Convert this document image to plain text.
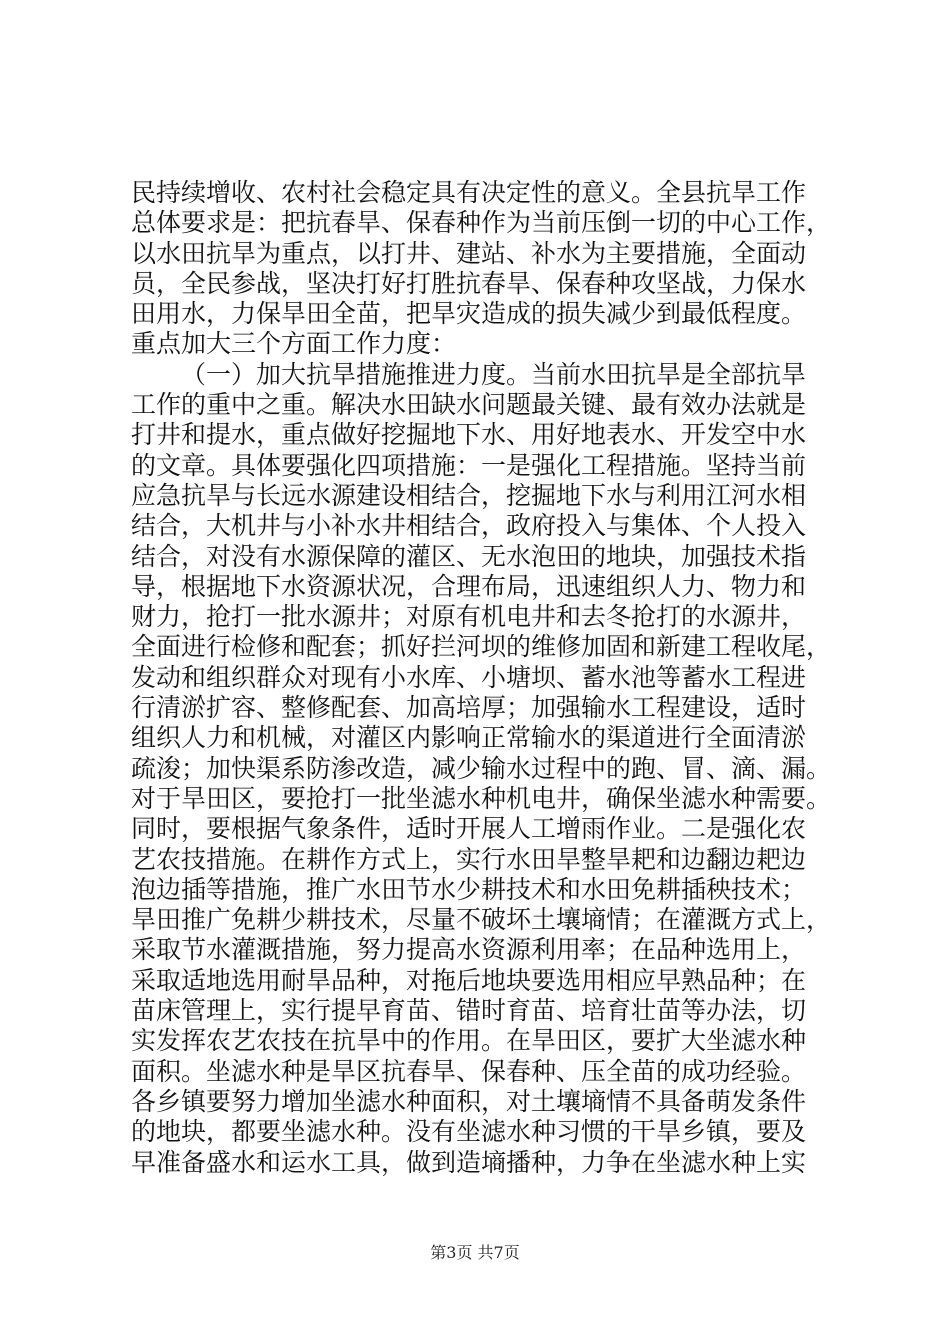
民持续增收、农村社会稳定具有决定性的意义。全县抗旱工作
总体要求是：把抗春旱、保春种作为当前压倒一切的中心工作，
以水田抗旱为重点，以打井、建站、补水为主要措施，全面动
员，全民参战，坚决打好打胜抗春旱、保春种攻坚战，力保水
田用水，力保旱田全苗，把旱灾造成的损失减少到最低程度。
重点加大三个方面工作力度：
（一）加大抗旱措施推进力度。当前水田抗旱是全部抗旱
工作的重中之重。解决水田缺水问题最关键、最有效办法就是
打井和提水，重点做好挖掘地下水、用好地表水、开发空中水
的文章。具体要强化四项措施：一是强化工程措施。坚持当前
应急抗旱与长远水源建设相结合，挖掘地下水与利用江河水相
结合，大机井与小补水井相结合，政府投入与集体、个人投入
结合，对没有水源保障的灌区、无水泡田的地块，加强技术指
导，根据地下水资源状况，合理布局，迅速组织人力、物力和
财力，抢打一批水源井；对原有机电井和去冬抢打的水源井，
全面进行检修和配套；抓好拦河坝的维修加固和新建工程收尾，
发动和组织群众对现有小水库、小塘坝、蓄水池等蓄水工程进
行清淤扩容、整修配套、加高培厚；加强输水工程建设，适时
组织人力和机械，对灌区内影响正常输水的渠道进行全面清淤
疏浚；加快渠系防渗改造，减少输水过程中的跑、冒、滴、漏。
对于旱田区，要抢打一批坐滤水种机电井，确保坐滤水种需要。
同时，要根据气象条件，适时开展人工增雨作业。二是强化农
艺农技措施。在耕作方式上，实行水田旱整旱耙和边翻边耙边
泡边插等措施，推广水田节水少耕技术和水田免耕插秧技术；
旱田推广免耕少耕技术，尽量不破坏土壤墒情；在灌溉方式上，
采取节水灌溉措施，努力提高水资源利用率；在品种选用上，
采取适地选用耐旱品种，对拖后地块要选用相应早熟品种；在
苗床管理上，实行提早育苗、错时育苗、培育壮苗等办法，切
实发挥农艺农技在抗旱中的作用。在旱田区，要扩大坐滤水种
面积。坐滤水种是旱区抗春旱、保春种、压全苗的成功经验。
各乡镇要努力增加坐滤水种面积，对土壤墒情不具备萌发条件
的地块，都要坐滤水种。没有坐滤水种习惯的干旱乡镇，要及
早准备盛水和运水工具，做到造墒播种，力争在坐滤水种上实
第3页 共7页
